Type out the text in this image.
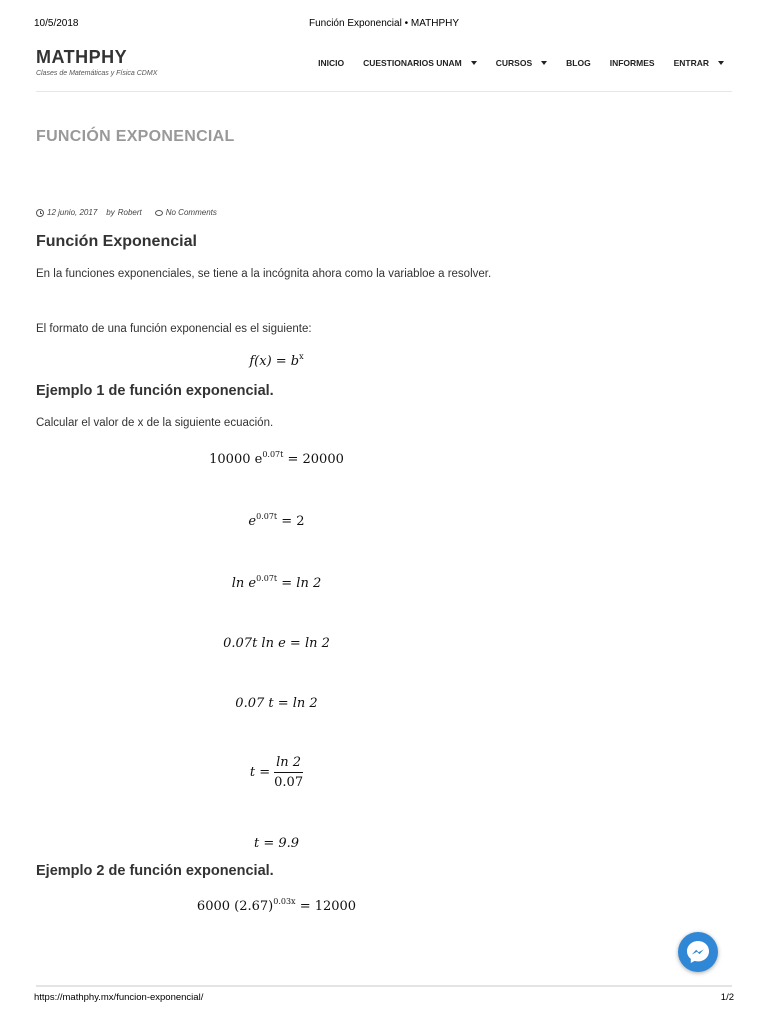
10/5/2018	Función Exponencial • MATHPHY
MATHPHY
Clases de Matemáticas y Física CDMX
INICIO CUESTIONARIOS UNAM	CURSOS	BLOG INFORMES ENTRAR
FUNCIÓN EXPONENCIAL
12 junio, 2017 by Robert	No Comments
Función Exponencial

En la funciones exponenciales, se tiene a la incógnita ahora como la variabloe a resolver.

El formato de una función exponencial es el siguiente:

$f(x) = b^x$
Ejemplo 1 de función exponencial.

Calcular el valor de x de la siguiente ecuación.

10000 $e^{0.07t} = 20000$
$e^{0.07t} = 2$
$\ln e^{0.07t} = \ln 2$
0.07t ln e = ln 2
0.07 t = ln 2
$t = \frac{\ln 2}{0.07}$
t = 9.9
Ejemplo 2 de función exponencial.
6000 $(2.67)^{0.03x} = 12000$
https://mathphy.mx/funcion-exponencial/	1/2
